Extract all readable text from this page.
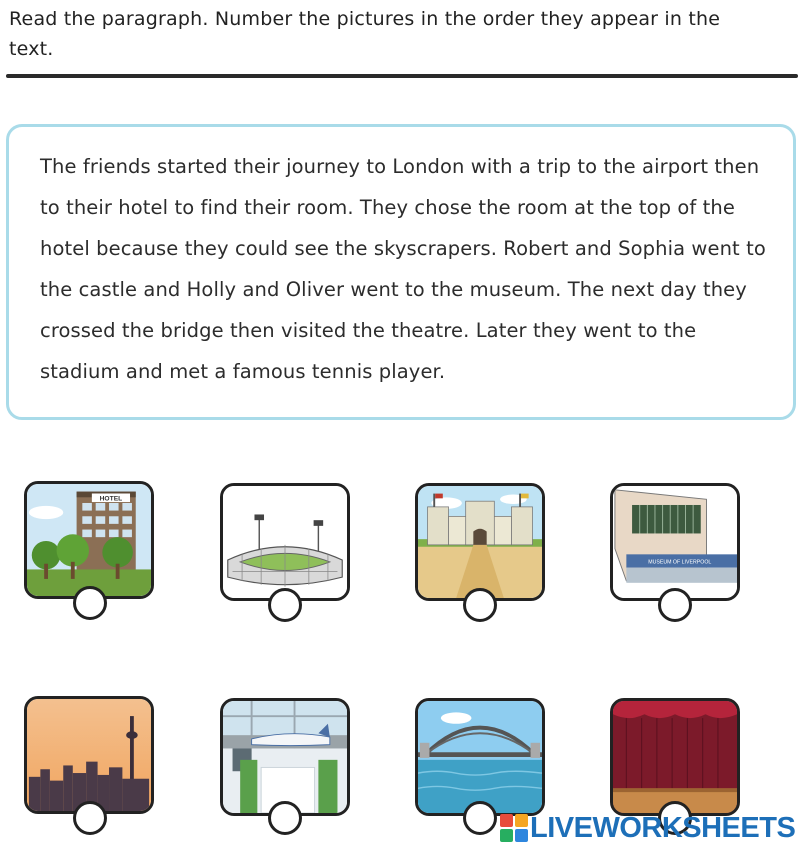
Read the paragraph. Number the pictures in the order they appear in the text.
The friends started their journey to London with a trip to the airport then to their hotel to find their room. They chose the room at the top of the hotel because they could see the skyscrapers. Robert and Sophia went to the castle and Holly and Oliver went to the museum. The next day they crossed the bridge then visited the theatre. Later they went to the stadium and met a famous tennis player.
HOTEL
MUSEUM OF LIVERPOOL
LIVEWORKSHEETS
